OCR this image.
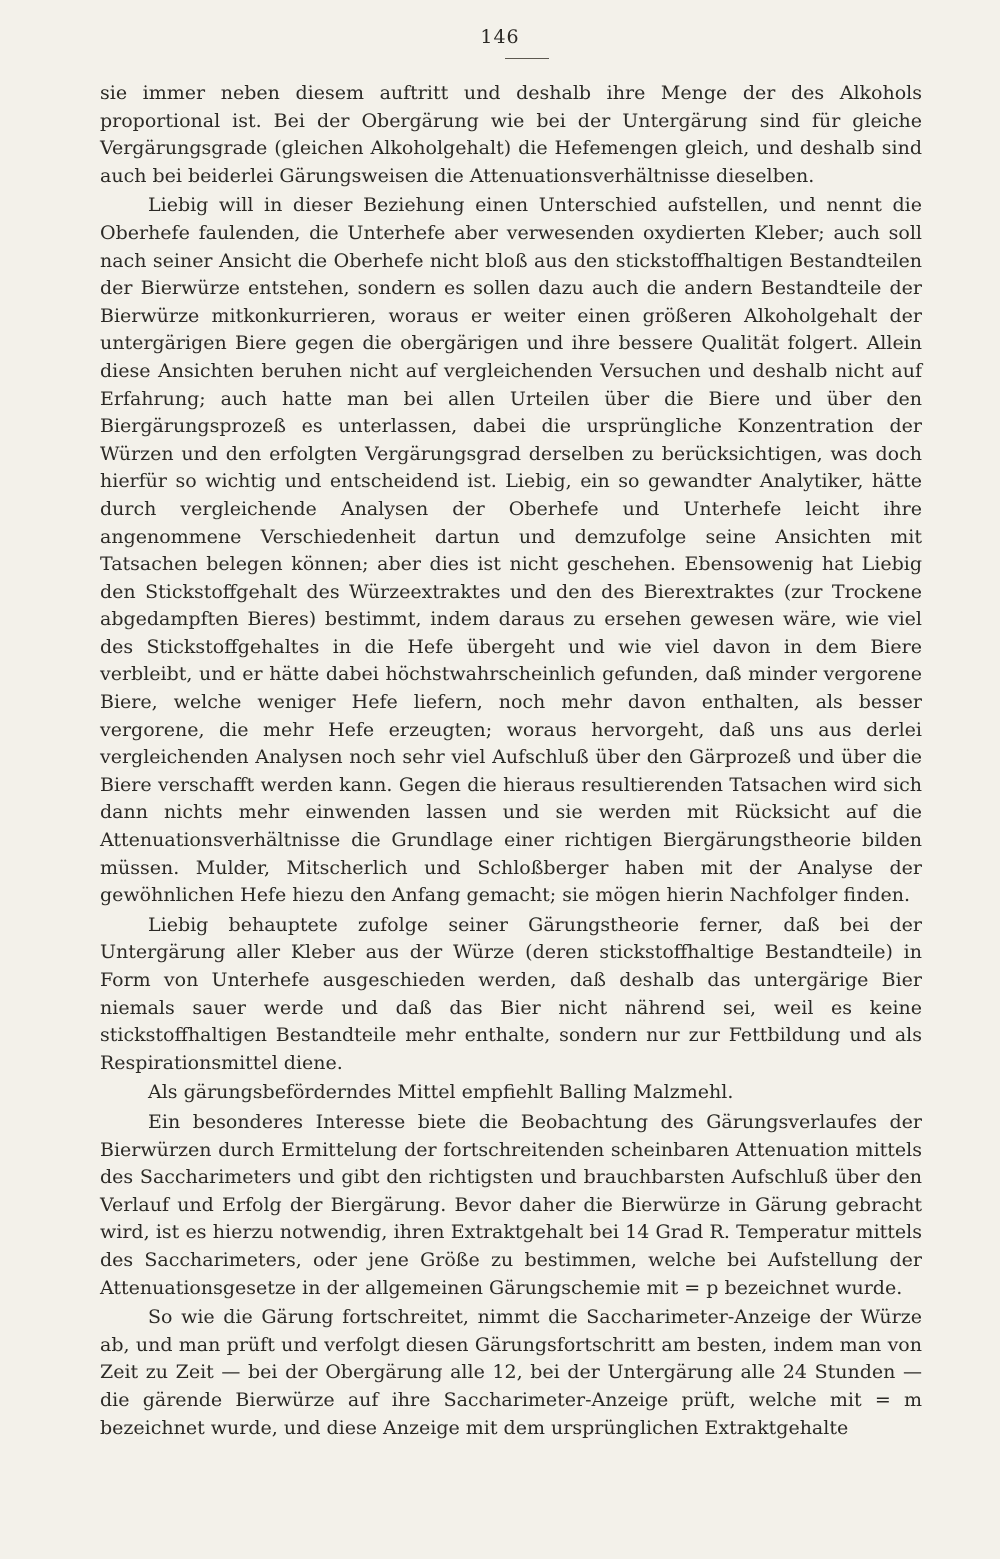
146

sie immer neben diesem auftritt und deshalb ihre Menge der des Alkohols proportional ist. Bei der Obergärung wie bei der Untergärung sind für gleiche Vergärungsgrade (gleichen Alkoholgehalt) die Hefemengen gleich, und deshalb sind auch bei beiderlei Gärungsweisen die Attenuationsverhältnisse dieselben.

Liebig will in dieser Beziehung einen Unterschied aufstellen, und nennt die Oberhefe faulenden, die Unterhefe aber verwesenden oxydierten Kleber; auch soll nach seiner Ansicht die Oberhefe nicht bloß aus den stickstoffhaltigen Bestandteilen der Bierwürze entstehen, sondern es sollen dazu auch die andern Bestandteile der Bierwürze mitkonkurrieren, woraus er weiter einen größeren Alkoholgehalt der untergärigen Biere gegen die obergärigen und ihre bessere Qualität folgert. Allein diese Ansichten beruhen nicht auf vergleichenden Versuchen und deshalb nicht auf Erfahrung; auch hatte man bei allen Urteilen über die Biere und über den Biergärungsprozeß es unterlassen, dabei die ursprüngliche Konzentration der Würzen und den erfolgten Vergärungsgrad derselben zu berücksichtigen, was doch hierfür so wichtig und entscheidend ist. Liebig, ein so gewandter Analytiker, hätte durch vergleichende Analysen der Oberhefe und Unterhefe leicht ihre angenommene Verschiedenheit dartun und demzufolge seine Ansichten mit Tatsachen belegen können; aber dies ist nicht geschehen. Ebensowenig hat Liebig den Stickstoffgehalt des Würzeextraktes und den des Bierextraktes (zur Trockene abgedampften Bieres) bestimmt, indem daraus zu ersehen gewesen wäre, wie viel des Stickstoffgehaltes in die Hefe übergeht und wie viel davon in dem Biere verbleibt, und er hätte dabei höchstwahrscheinlich gefunden, daß minder vergorene Biere, welche weniger Hefe liefern, noch mehr davon enthalten, als besser vergorene, die mehr Hefe erzeugten; woraus hervorgeht, daß uns aus derlei vergleichenden Analysen noch sehr viel Aufschluß über den Gärprozeß und über die Biere verschafft werden kann. Gegen die hieraus resultierenden Tatsachen wird sich dann nichts mehr einwenden lassen und sie werden mit Rücksicht auf die Attenuationsverhältnisse die Grundlage einer richtigen Biergärungstheorie bilden müssen. Mulder, Mitscherlich und Schloßberger haben mit der Analyse der gewöhnlichen Hefe hiezu den Anfang gemacht; sie mögen hierin Nachfolger finden.

Liebig behauptete zufolge seiner Gärungstheorie ferner, daß bei der Untergärung aller Kleber aus der Würze (deren stickstoffhaltige Bestandteile) in Form von Unterhefe ausgeschieden werden, daß deshalb das untergärige Bier niemals sauer werde und daß das Bier nicht nährend sei, weil es keine stickstoffhaltigen Bestandteile mehr enthalte, sondern nur zur Fettbildung und als Respirationsmittel diene.

Als gärungsbeförderndes Mittel empfiehlt Balling Malzmehl.

Ein besonderes Interesse biete die Beobachtung des Gärungsverlaufes der Bierwürzen durch Ermittelung der fortschreitenden scheinbaren Attenuation mittels des Saccharimeters und gibt den richtigsten und brauchbarsten Aufschluß über den Verlauf und Erfolg der Biergärung. Bevor daher die Bierwürze in Gärung gebracht wird, ist es hierzu notwendig, ihren Extraktgehalt bei 14 Grad R. Temperatur mittels des Saccharimeters, oder jene Größe zu bestimmen, welche bei Aufstellung der Attenuationsgesetze in der allgemeinen Gärungschemie mit = p bezeichnet wurde.

So wie die Gärung fortschreitet, nimmt die Saccharimeter-Anzeige der Würze ab, und man prüft und verfolgt diesen Gärungsfortschritt am besten, indem man von Zeit zu Zeit — bei der Obergärung alle 12, bei der Untergärung alle 24 Stunden — die gärende Bierwürze auf ihre Saccharimeter-Anzeige prüft, welche mit = m bezeichnet wurde, und diese Anzeige mit dem ursprünglichen Extraktgehalte
